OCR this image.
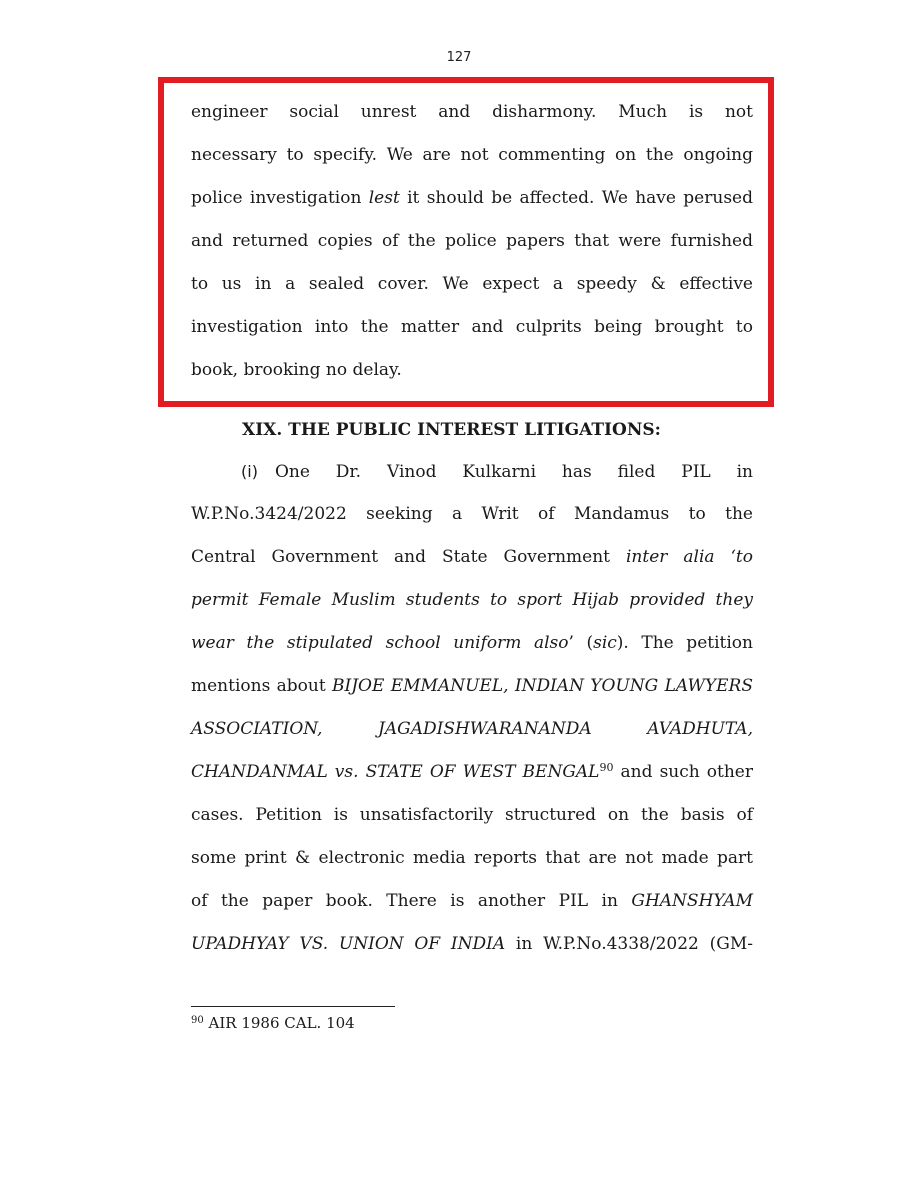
127
engineer social unrest and disharmony. Much is not
necessary to specify. We are not commenting on the ongoing
police investigation lest it should be affected. We have perused
and returned copies of the police papers that were furnished
to us in a sealed cover. We expect a speedy & effective
investigation into the matter and culprits being brought to
book, brooking no delay.
XIX. THE PUBLIC INTEREST LITIGATIONS:
(i)  One Dr. Vinod Kulkarni has filed PIL in
W.P.No.3424/2022 seeking a Writ of Mandamus to the
Central Government and State Government inter alia ‘to
permit Female Muslim students to sport Hijab provided they
wear the stipulated school uniform also’ (sic). The petition
mentions about BIJOE EMMANUEL, INDIAN YOUNG LAWYERS
ASSOCIATION, JAGADISHWARANANDA AVADHUTA,
CHANDANMAL vs. STATE OF WEST BENGAL$^{90}$ and such other
cases. Petition is unsatisfactorily structured on the basis of
some print & electronic media reports that are not made part
of the paper book. There is another PIL in GHANSHYAM
UPADHYAY VS. UNION OF INDIA in W.P.No.4338/2022 (GM-
$^{90}$ AIR 1986 CAL. 104
